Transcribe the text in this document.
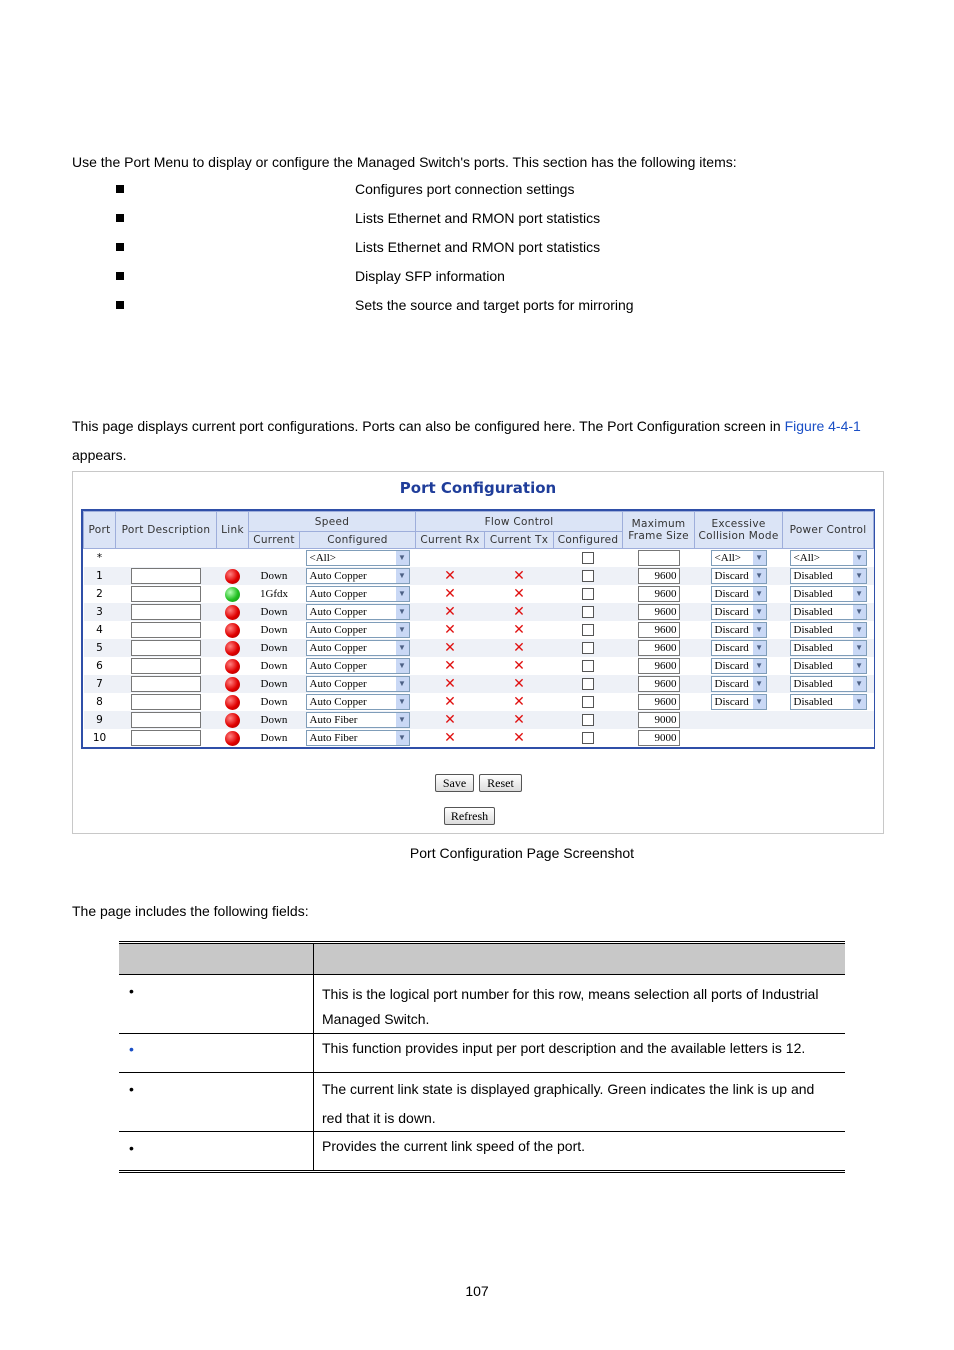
Use the Port Menu to display or configure the Managed Switch's ports. This section has the following items:
Configures port connection settings
Lists Ethernet and RMON port statistics
Lists Ethernet and RMON port statistics
Display SFP information
Sets the source and target ports for mirroring
This page displays current port configurations. Ports can also be configured here. The Port Configuration screen in Figure 4-4-1
appears.
Port Configuration
Port	Port Description	Link	Speed		Flow Control			Maximum Frame Size	Excessive Collision Mode	Power Control
			Current	Configured	Current Rx	Current Tx	Configured			
*				<All> ▼					<All> ▼	<All> ▼

1			Down	Auto Copper ▼	✕	✕		9600	Discard ▼	Disabled ▼

2			1Gfdx	Auto Copper ▼	✕	✕		9600	Discard ▼	Disabled ▼

3			Down	Auto Copper ▼	✕	✕		9600	Discard ▼	Disabled ▼

4			Down	Auto Copper ▼	✕	✕		9600	Discard ▼	Disabled ▼

5			Down	Auto Copper ▼	✕	✕		9600	Discard ▼	Disabled ▼

6			Down	Auto Copper ▼	✕	✕		9600	Discard ▼	Disabled ▼

7			Down	Auto Copper ▼	✕	✕		9600	Discard ▼	Disabled ▼

8			Down	Auto Copper ▼	✕	✕		9600	Discard ▼	Disabled ▼

9			Down	Auto Fiber ▼	✕	✕		9000		
10			Down	Auto Fiber ▼	✕	✕		9000		
Save	Reset
Refresh
Port Configuration Page Screenshot
The page includes the following fields:
•	This is the logical port number for this row, means selection all ports of Industrial Managed Switch.
•	This function provides input per port description and the available letters is 12.
•	The current link state is displayed graphically. Green indicates the link is up and red that it is down.
•	Provides the current link speed of the port.
107
